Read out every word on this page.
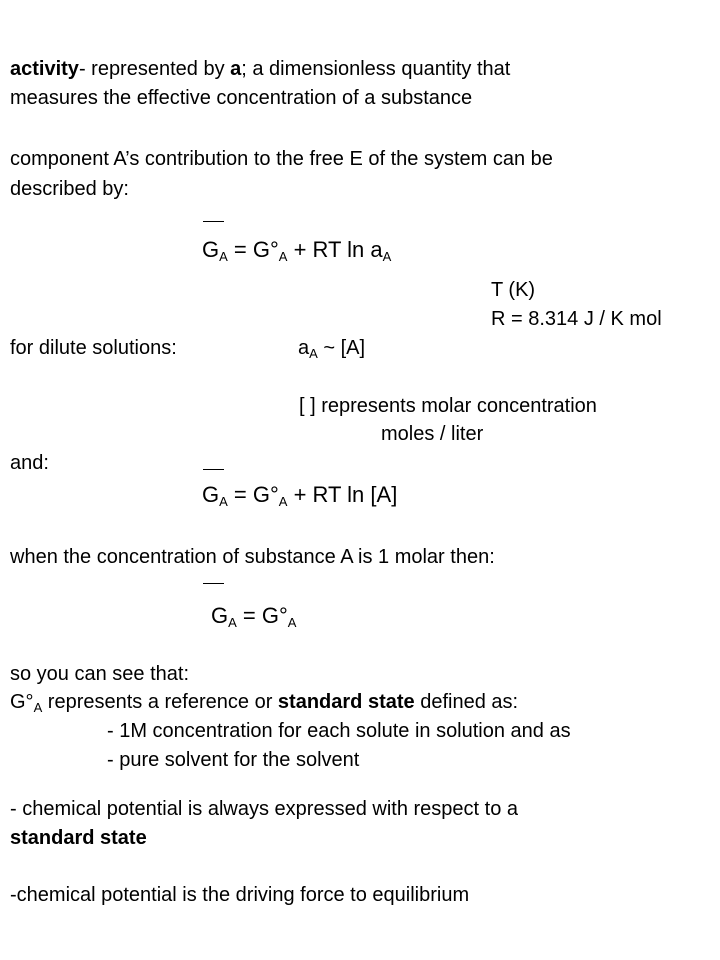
activity- represented by a; a dimensionless quantity that
measures the effective concentration of a substance
component A’s contribution to the free E of the system can be
described by:
$G_A = G^\circ_A$ + RT $\ln a_A$
T (K)
R = 8.314 J / K mol
for dilute solutions:	$a_A$ ~ [A]
[ ] represents molar concentration
moles / liter
and:
$G_A = G^\circ_A$ + RT ln [A]
when the concentration of substance A is 1 molar then:
$G_A = G^\circ_A$
so you can see that:
$G^\circ_A$ represents a reference or standard state defined as:
- 1M concentration for each solute in solution and as
- pure solvent for the solvent
- chemical potential is always expressed with respect to a
standard state
-chemical potential is the driving force to equilibrium
